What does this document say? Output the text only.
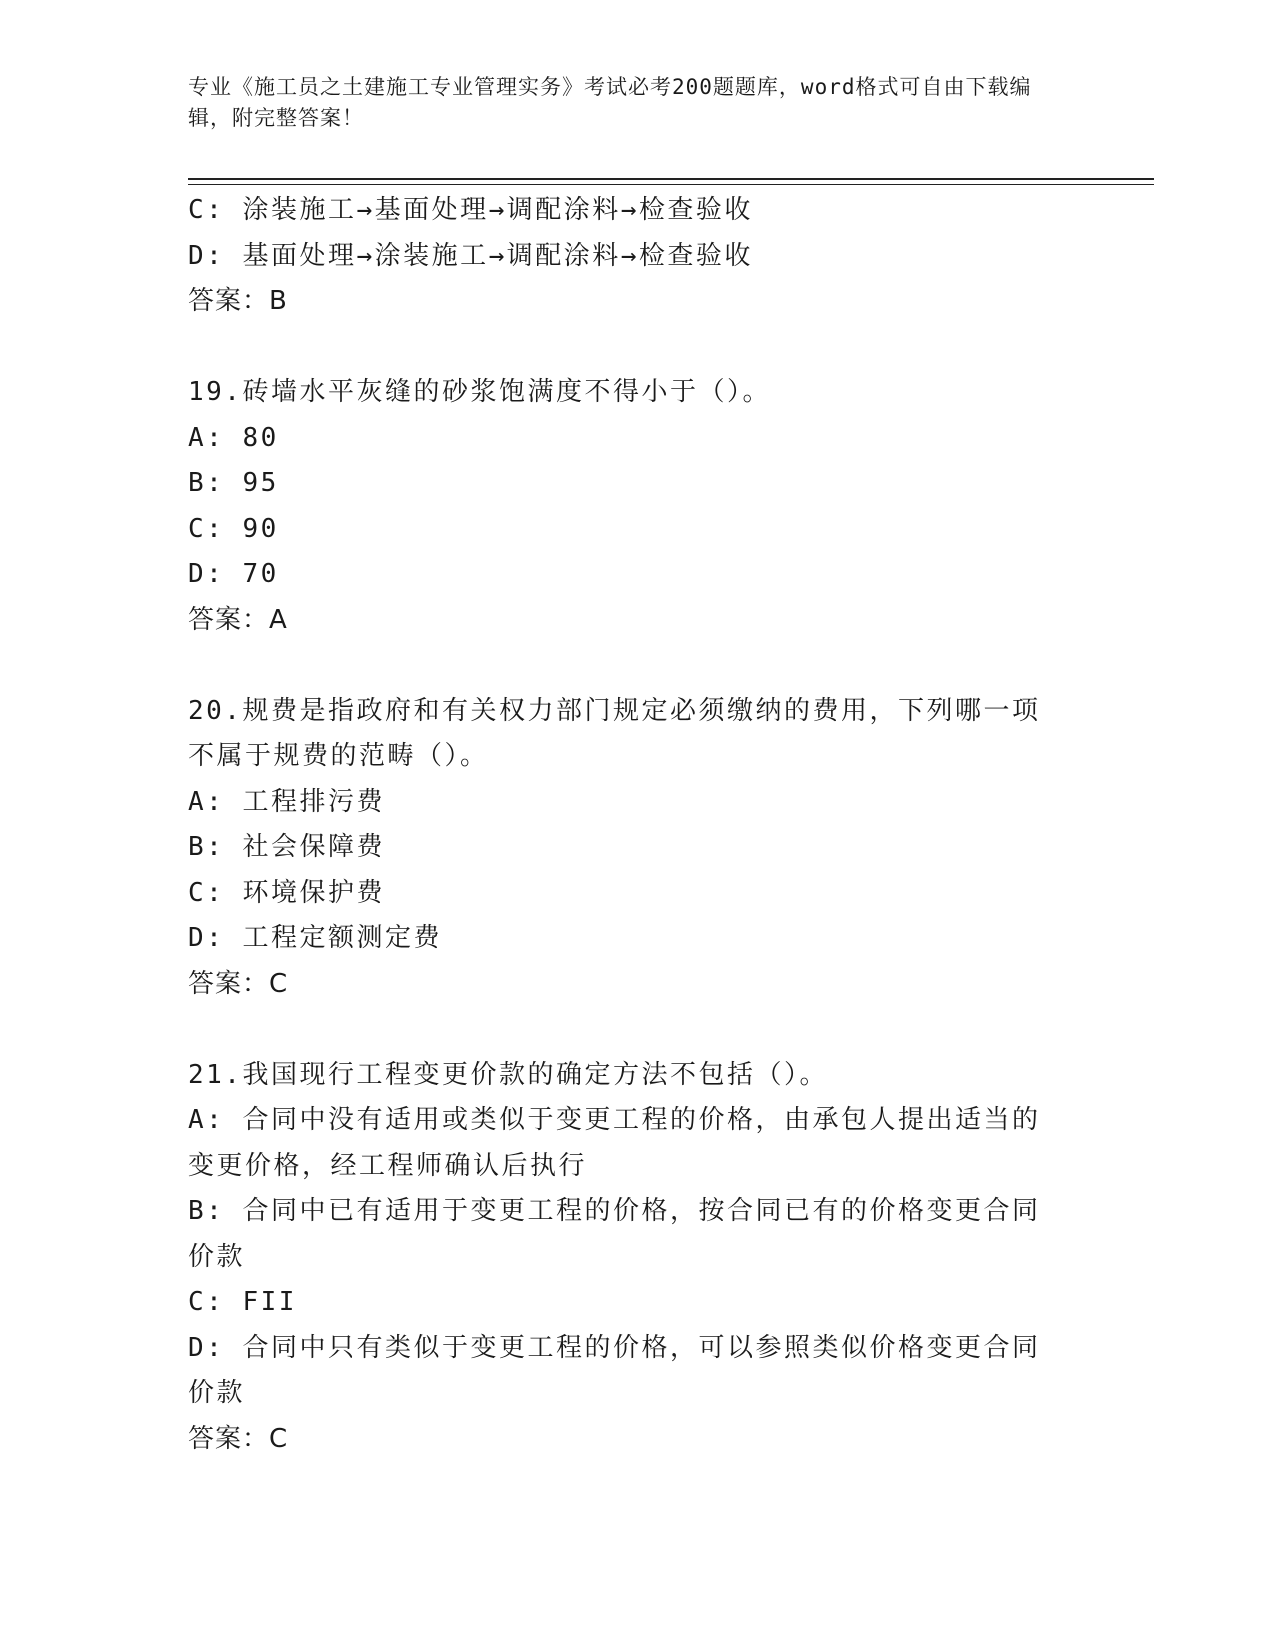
专业《施工员之土建施工专业管理实务》考试必考200题题库，word格式可自由下载编辑，附完整答案！
C: 涂装施工→基面处理→调配涂料→检查验收
D: 基面处理→涂装施工→调配涂料→检查验收
答案：B
19.砖墙水平灰缝的砂浆饱满度不得小于（）。
A: 80
B: 95
C: 90
D: 70
答案：A
20.规费是指政府和有关权力部门规定必须缴纳的费用，下列哪一项不属于规费的范畴（）。
A: 工程排污费
B: 社会保障费
C: 环境保护费
D: 工程定额测定费
答案：C
21.我国现行工程变更价款的确定方法不包括（）。
A: 合同中没有适用或类似于变更工程的价格，由承包人提出适当的变更价格，经工程师确认后执行
B: 合同中已有适用于变更工程的价格，按合同已有的价格变更合同价款
C: FII
D: 合同中只有类似于变更工程的价格，可以参照类似价格变更合同价款
答案：C
